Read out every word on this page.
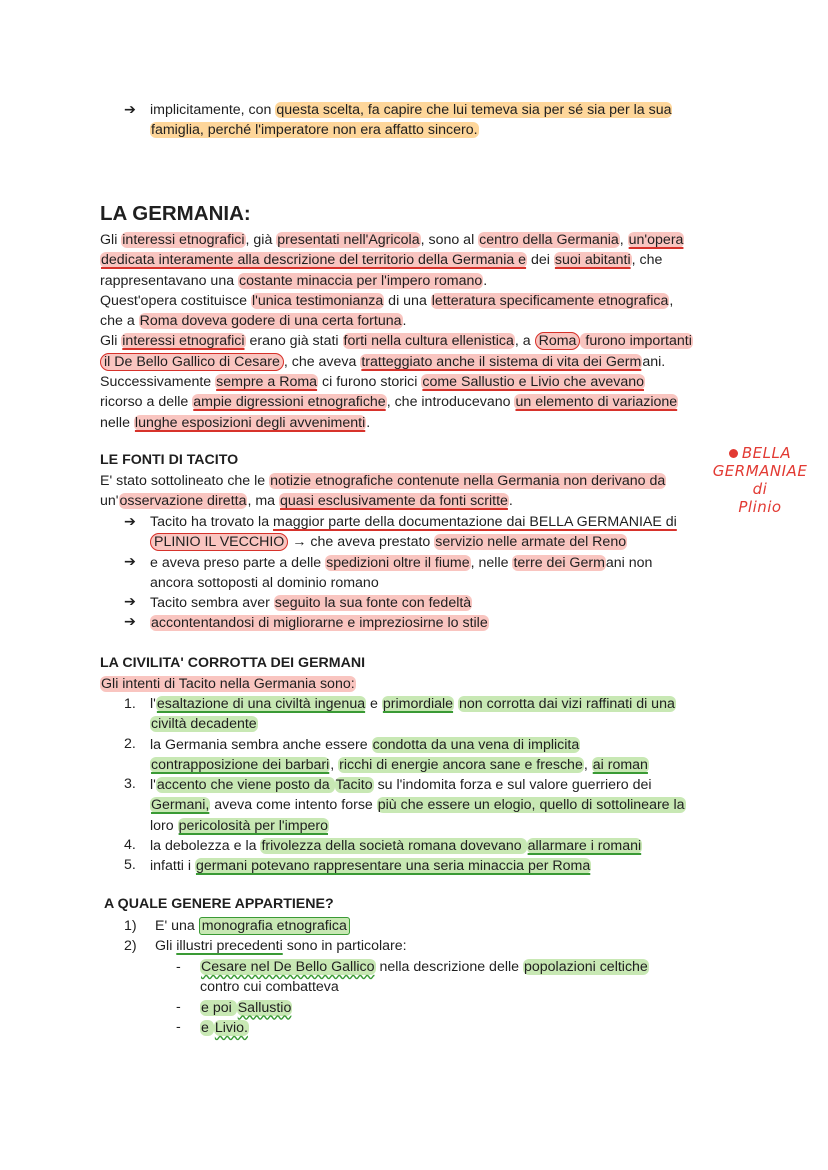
➔ implicitamente, con questa scelta, fa capire che lui temeva sia per sé sia per la sua

famiglia, perché l'imperatore non era affatto sincero.

LA GERMANIA:

Gli interessi etnografici, già presentati nell'Agricola, sono al centro della Germania, un'opera

dedicata interamente alla descrizione del territorio della Germania e dei suoi abitanti, che

rappresentavano una costante minaccia per l'impero romano.

Quest'opera costituisce l'unica testimonianza di una letteratura specificamente etnografica,

che a Roma doveva godere di una certa fortuna.

Gli interessi etnografici erano già stati forti nella cultura ellenistica, a Roma furono importanti

il De Bello Gallico di Cesare , che aveva tratteggiato anche il sistema di vita dei Germani.

Successivamente sempre a Roma ci furono storici come Sallustio e Livio che avevano

ricorso a delle ampie digressioni etnografiche, che introducevano un elemento di variazione

nelle lunghe esposizioni degli avvenimenti.

LE FONTI DI TACITO

E' stato sottolineato che le notizie etnografiche contenute nella Germania non derivano da

un'osservazione diretta, ma quasi esclusivamente da fonti scritte.

➔
➔
➔
➔

Tacito ha trovato la maggior parte della documentazione dai BELLA GERMANIAE di

PLINIO IL VECCHIO → che aveva prestato servizio nelle armate del Reno

e aveva preso parte a delle spedizioni oltre il fiume, nelle terre dei Germani non

ancora sottoposti al dominio romano

Tacito sembra aver seguito la sua fonte con fedeltà

accontentandosi di migliorarne e impreziosirne lo stile

BELLA
GERMANIAE
di
Plinio
LA CIVILITA' CORROTTA DEI GERMANI

Gli intenti di Tacito nella Germania sono:

1.
2.
3.
4.
5.

l'esaltazione di una civiltà ingenua e primordiale non corrotta dai vizi raffinati di una

civiltà decadente

la Germania sembra anche essere condotta da una vena di implicita

contrapposizione dei barbari, ricchi di energie ancora sane e fresche, ai roman

l'accento che viene posto da Tacito su l'indomita forza e sul valore guerriero dei

Germani, aveva come intento forse più che essere un elogio, quello di sottolineare la

loro pericolosità per l'impero

la debolezza e la frivolezza della società romana dovevano allarmare i romani

infatti i germani potevano rappresentare una seria minaccia per Roma

A QUALE GENERE APPARTIENE?
1)
2)

E' una monografia etnografica

Gli illustri precedenti sono in particolare:

-
-
-

Cesare nel De Bello Gallico nella descrizione delle popolazioni celtiche

contro cui combatteva

e poi Sallustio

e Livio.
